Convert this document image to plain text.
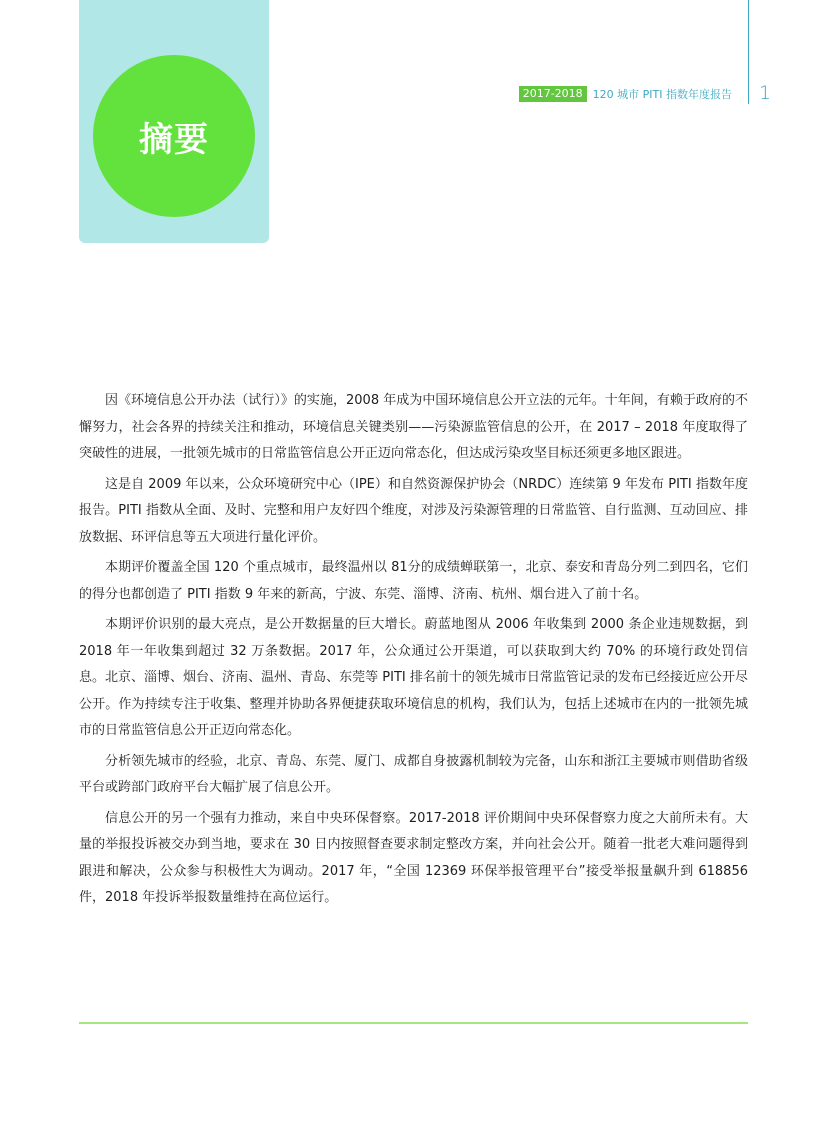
摘要
2017-2018 120 城市 PITI 指数年度报告 1

因《环境信息公开办法（试行）》的实施，2008 年成为中国环境信息公开立法的元年。十年间，有赖于政府的不懈努力，社会各界的持续关注和推动，环境信息关键类别——污染源监管信息的公开，在 2017 – 2018 年度取得了突破性的进展，一批领先城市的日常监管信息公开正迈向常态化，但达成污染攻坚目标还须更多地区跟进。

这是自 2009 年以来，公众环境研究中心（IPE）和自然资源保护协会（NRDC）连续第 9 年发布 PITI 指数年度报告。PITI 指数从全面、及时、完整和用户友好四个维度，对涉及污染源管理的日常监管、自行监测、互动回应、排放数据、环评信息等五大项进行量化评价。

本期评价覆盖全国 120 个重点城市，最终温州以 81分的成绩蝉联第一，北京、泰安和青岛分列二到四名，它们的得分也都创造了 PITI 指数 9 年来的新高，宁波、东莞、淄博、济南、杭州、烟台进入了前十名。

本期评价识别的最大亮点，是公开数据量的巨大增长。蔚蓝地图从 2006 年收集到 2000 条企业违规数据，到 2018 年一年收集到超过 32 万条数据。2017 年，公众通过公开渠道，可以获取到大约 70% 的环境行政处罚信息。北京、淄博、烟台、济南、温州、青岛、东莞等 PITI 排名前十的领先城市日常监管记录的发布已经接近应公开尽公开。作为持续专注于收集、整理并协助各界便捷获取环境信息的机构，我们认为，包括上述城市在内的一批领先城市的日常监管信息公开正迈向常态化。

分析领先城市的经验，北京、青岛、东莞、厦门、成都自身披露机制较为完备，山东和浙江主要城市则借助省级平台或跨部门政府平台大幅扩展了信息公开。

信息公开的另一个强有力推动，来自中央环保督察。2017-2018 评价期间中央环保督察力度之大前所未有。大量的举报投诉被交办到当地，要求在 30 日内按照督查要求制定整改方案，并向社会公开。随着一批老大难问题得到跟进和解决，公众参与积极性大为调动。2017 年，“全国 12369 环保举报管理平台”接受举报量飙升到 618856 件，2018 年投诉举报数量维持在高位运行。
